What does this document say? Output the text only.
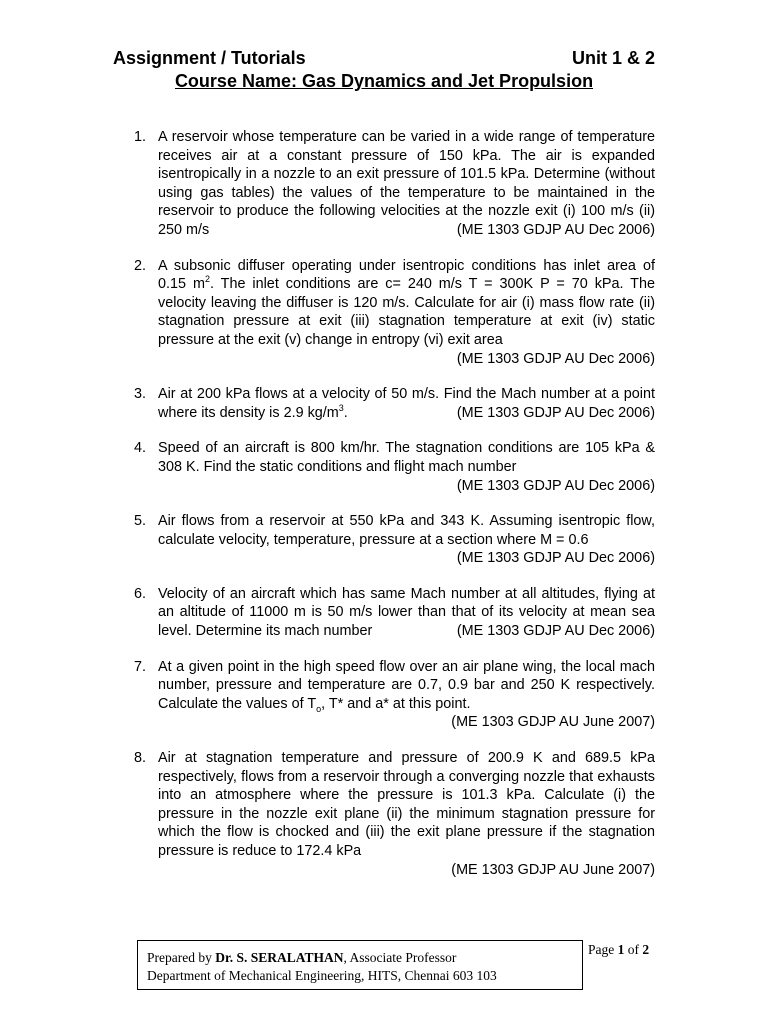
Assignment / Tutorials	Unit 1 & 2
Course Name: Gas Dynamics and Jet Propulsion
1. A reservoir whose temperature can be varied in a wide range of temperature receives air at a constant pressure of 150 kPa. The air is expanded isentropically in a nozzle to an exit pressure of 101.5 kPa. Determine (without using gas tables) the values of the temperature to be maintained in the reservoir to produce the following velocities at the nozzle exit (i) 100 m/s (ii) 250 m/s	(ME 1303 GDJP AU Dec 2006)
2. A subsonic diffuser operating under isentropic conditions has inlet area of 0.15 $m^2$. The inlet conditions are c= 240 m/s T = 300K P = 70 kPa. The velocity leaving the diffuser is 120 m/s. Calculate for air (i) mass flow rate (ii) stagnation pressure at exit (iii) stagnation temperature at exit (iv) static pressure at the exit (v) change in entropy (vi) exit area
(ME 1303 GDJP AU Dec 2006)
3. Air at 200 kPa flows at a velocity of 50 m/s. Find the Mach number at a point where its density is 2.9 $kg/m^3$.	(ME 1303 GDJP AU Dec 2006)
4. Speed of an aircraft is 800 km/hr. The stagnation conditions are 105 kPa & 308 K. Find the static conditions and flight mach number
(ME 1303 GDJP AU Dec 2006)
5. Air flows from a reservoir at 550 kPa and 343 K. Assuming isentropic flow, calculate velocity, temperature, pressure at a section where M = 0.6
(ME 1303 GDJP AU Dec 2006)
6. Velocity of an aircraft which has same Mach number at all altitudes, flying at an altitude of 11000 m is 50 m/s lower than that of its velocity at mean sea level. Determine its mach number	(ME 1303 GDJP AU Dec 2006)
7. At a given point in the high speed flow over an air plane wing, the local mach number, pressure and temperature are 0.7, 0.9 bar and 250 K respectively. Calculate the values of $T_o$, T* and a* at this point.
(ME 1303 GDJP AU June 2007)
8. Air at stagnation temperature and pressure of 200.9 K and 689.5 kPa respectively, flows from a reservoir through a converging nozzle that exhausts into an atmosphere where the pressure is 101.3 kPa. Calculate (i) the pressure in the nozzle exit plane (ii) the minimum stagnation pressure for which the flow is chocked and (iii) the exit plane pressure if the stagnation pressure is reduce to 172.4 kPa
(ME 1303 GDJP AU June 2007)
Prepared by Dr. S. SERALATHAN, Associate Professor
Department of Mechanical Engineering, HITS, Chennai 603 103
Page 1 of 2
